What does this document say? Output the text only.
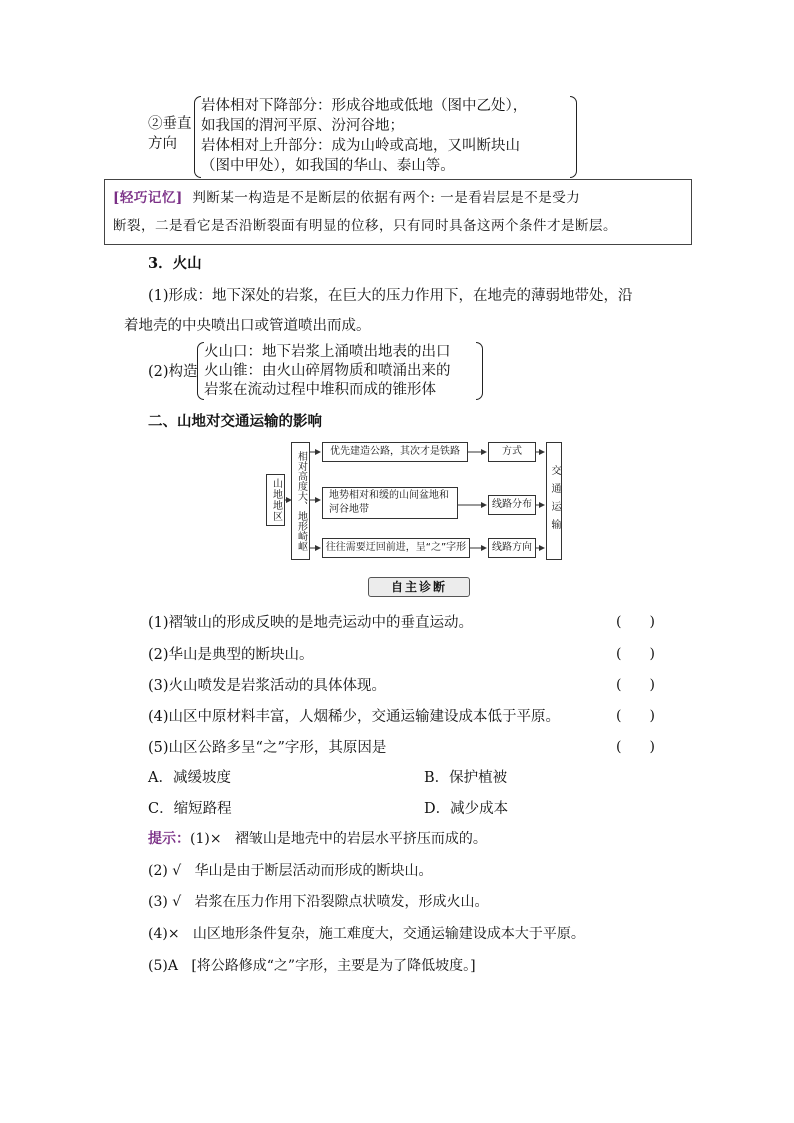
②垂直
方向
岩体相对下降部分：形成谷地或低地（图中乙处），
如我国的渭河平原、汾河谷地；
岩体相对上升部分：成为山岭或高地，又叫断块山
（图中甲处），如我国的华山、泰山等。
[轻巧记忆] 判断某一构造是不是断层的依据有两个: 一是看岩层是不是受力
断裂，二是看它是否沿断裂面有明显的位移，只有同时具备这两个条件才是断层。
3．火山
(1)形成：地下深处的岩浆，在巨大的压力作用下，在地壳的薄弱地带处，沿
着地壳的中央喷出口或管道喷出而成。
(2)构造
火山口：地下岩浆上涌喷出地表的出口
火山锥：由火山碎屑物质和喷涌出来的
岩浆在流动过程中堆积而成的锥形体
二、山地对交通运输的影响
山地地区 相对高度大、地形崎岖 优先建造公路，其次才是铁路
地势相对和缓的山间盆地和河谷地带
往往需要迂回前进，呈“之”字形
方式
线路分布
线路方向
交通运输
自主诊断
(1)褶皱山的形成反映的是地壳运动中的垂直运动。	(　　)
(2)华山是典型的断块山。	(　　)
(3)火山喷发是岩浆活动的具体体现。	(　　)
(4)山区中原材料丰富，人烟稀少，交通运输建设成本低于平原。	(　　)
(5)山区公路多呈“之”字形，其原因是	(　　)
A．减缓坡度	B．保护植被
C．缩短路程	D．减少成本
提示：(1)× 褶皱山是地壳中的岩层水平挤压而成的。
(2) √ 华山是由于断层活动而形成的断块山。
(3) √ 岩浆在压力作用下沿裂隙点状喷发，形成火山。
(4)× 山区地形条件复杂，施工难度大，交通运输建设成本大于平原。
(5)A [将公路修成“之”字形，主要是为了降低坡度。]
